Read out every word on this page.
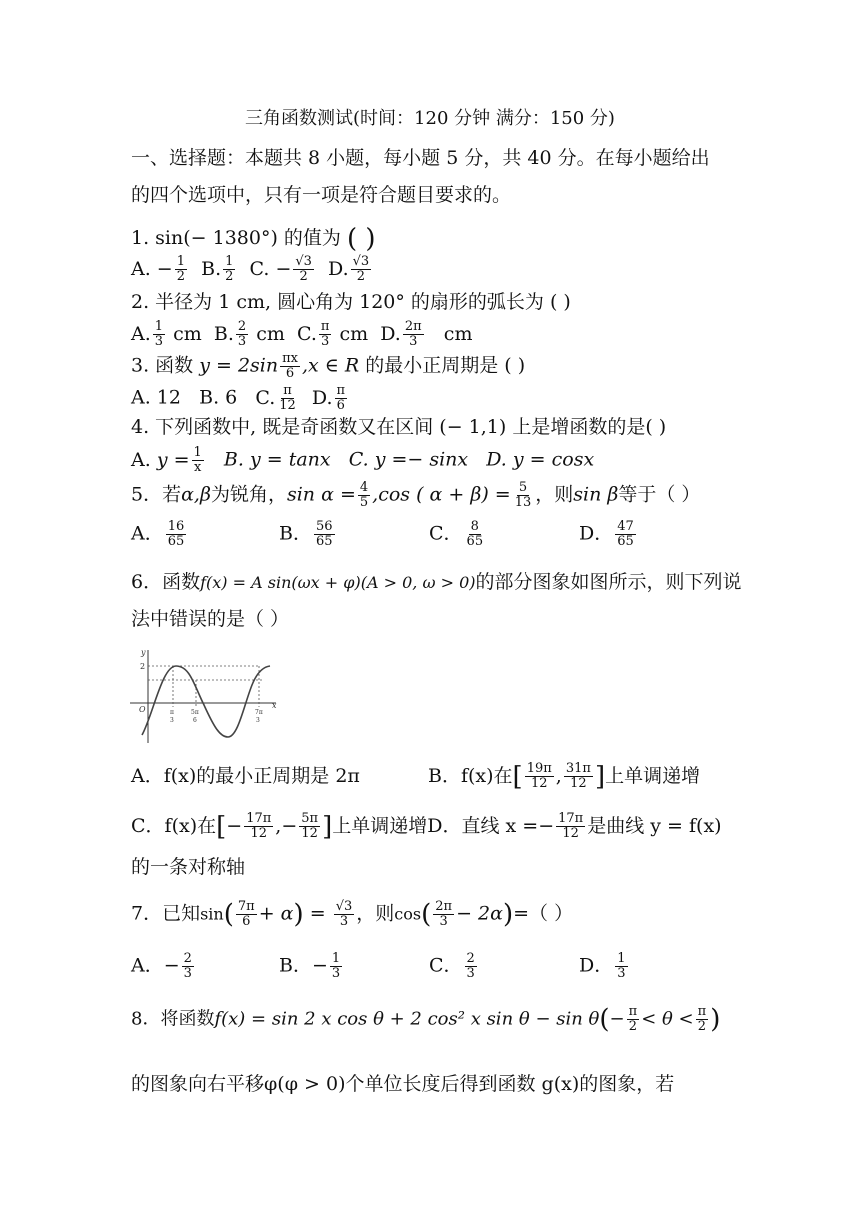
三角函数测试(时间：120 分钟 满分：150 分)
一、选择题：本题共 8 小题，每小题 5 分，共 40 分。在每小题给出
的四个选项中，只有一项是符合题目要求的。
1. sin(− 1380°) 的值为 ( )
A. − $\frac{1}{2} B$. $\frac{1}{2} C$. − $\frac{√3}{2} D$. $\frac{√3}{2}$
2. 半径为 1 cm, 圆心角为 120° 的扇形的弧长为 ( )
A. $\frac{1}{3}$ cm B. $\frac{2}{3}$ cm C. $\frac{\pi}{3}$ cm D. $\frac{2\pi}{3}$ cm
3. 函数 $y = 2\sin \frac{\pi x}{6} ,x$ ∈ R 的最小正周期是 ( )
A. 12 B. 6 C. $\frac{\pi}{12} D$. $\frac{\pi}{6}$
4. 下列函数中, 既是奇函数又在区间 (− 1,1) 上是增函数的是( )
A. $y = \frac{1}{x} B$. y = tanx C. y =− sinx D. y = cosx
5．若α,β为锐角，$\sin \alpha = \frac{4}{5} ,\cos$ ( $\alpha + \beta) = \frac{5}{13}$ ，则sin β等于（ ）
A． $\frac{16}{65}$	B． $\frac{56}{65}$	C． $\frac{8}{65}$	D． $\frac{47}{65}$
6．函数f(x) = A sin(ωx + φ)(A > 0, ω > 0)的部分图象如图所示，则下列说
法中错误的是（ ）
y
x
O
2
π
3
5π
6
7π
3
A．f(x)的最小正周期是 2π	B．f(x)在[ $\frac{19\pi}{12}$ , $\frac{31\pi}{12}$ ]上单调递增
C．f(x)在[− $\frac{17\pi}{12}$ ,− $\frac{5\pi}{12}$ ]上单调递增D．直线 $x =- \frac{17\pi}{12}$ 是曲线 y = f(x)
的一条对称轴
7．已知$\sin( \frac{7\pi}{6} + \alpha) = \frac{√3}{3}$ ，则$\cos( \frac{2\pi}{3} - 2\alpha)=$（ ）
A．− $\frac{2}{3}$	B．− $\frac{1}{3}$	C． $\frac{2}{3}$	D． $\frac{1}{3}$
8．将函数f(x) = sin 2 x cos θ + 2 cos² x $\sin \theta - \sin \theta(- \frac{\pi}{2} < \theta < \frac{\pi}{2}$ )
的图象向右平移φ(φ > 0)个单位长度后得到函数 g(x)的图象，若
